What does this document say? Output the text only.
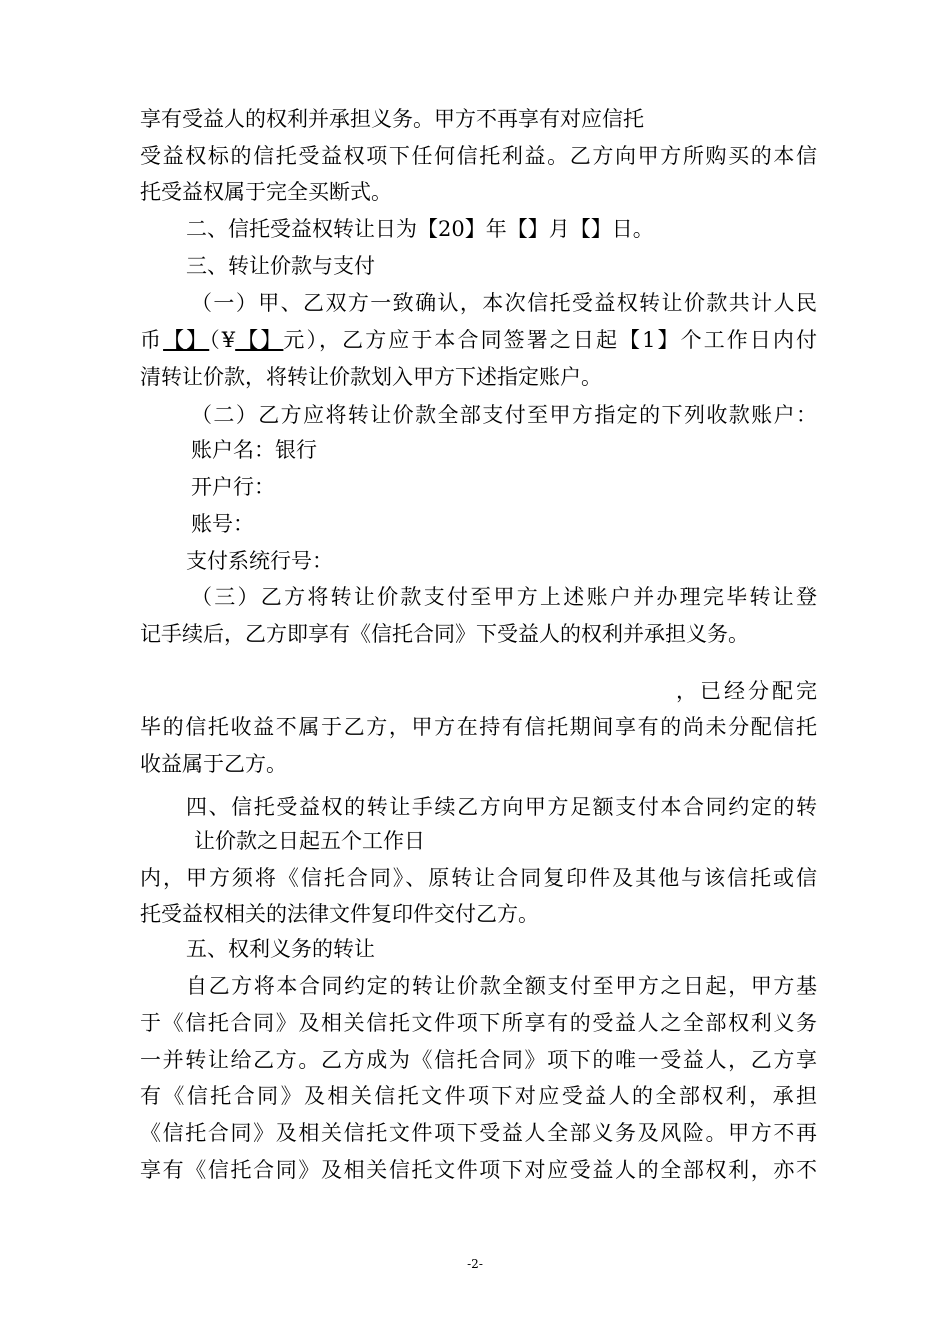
享有受益人的权利并承担义务。甲方不再享有对应信托
受益权标的信托受益权项下任何信托利益。乙方向甲方所购买的本信
托受益权属于完全买断式。
二、信托受益权转让日为【20】年【】月【】日。
三、转让价款与支付
（一）甲、乙双方一致确认，本次信托受益权转让价款共计人民
币【】（¥【】元），乙方应于本合同签署之日起【1】个工作日内付
清转让价款，将转让价款划入甲方下述指定账户。
（二）乙方应将转让价款全部支付至甲方指定的下列收款账户：
账户名：银行
开户行：
账号：
支付系统行号：
（三）乙方将转让价款支付至甲方上述账户并办理完毕转让登
记手续后，乙方即享有《信托合同》下受益人的权利并承担义务。
，已经分配完
毕的信托收益不属于乙方，甲方在持有信托期间享有的尚未分配信托
收益属于乙方。
四、信托受益权的转让手续乙方向甲方足额支付本合同约定的转
让价款之日起五个工作日
内，甲方须将《信托合同》、原转让合同复印件及其他与该信托或信
托受益权相关的法律文件复印件交付乙方。
五、权利义务的转让
自乙方将本合同约定的转让价款全额支付至甲方之日起，甲方基
于《信托合同》及相关信托文件项下所享有的受益人之全部权利义务
一并转让给乙方。乙方成为《信托合同》项下的唯一受益人，乙方享
有《信托合同》及相关信托文件项下对应受益人的全部权利，承担
《信托合同》及相关信托文件项下受益人全部义务及风险。甲方不再
享有《信托合同》及相关信托文件项下对应受益人的全部权利，亦不
-2-
